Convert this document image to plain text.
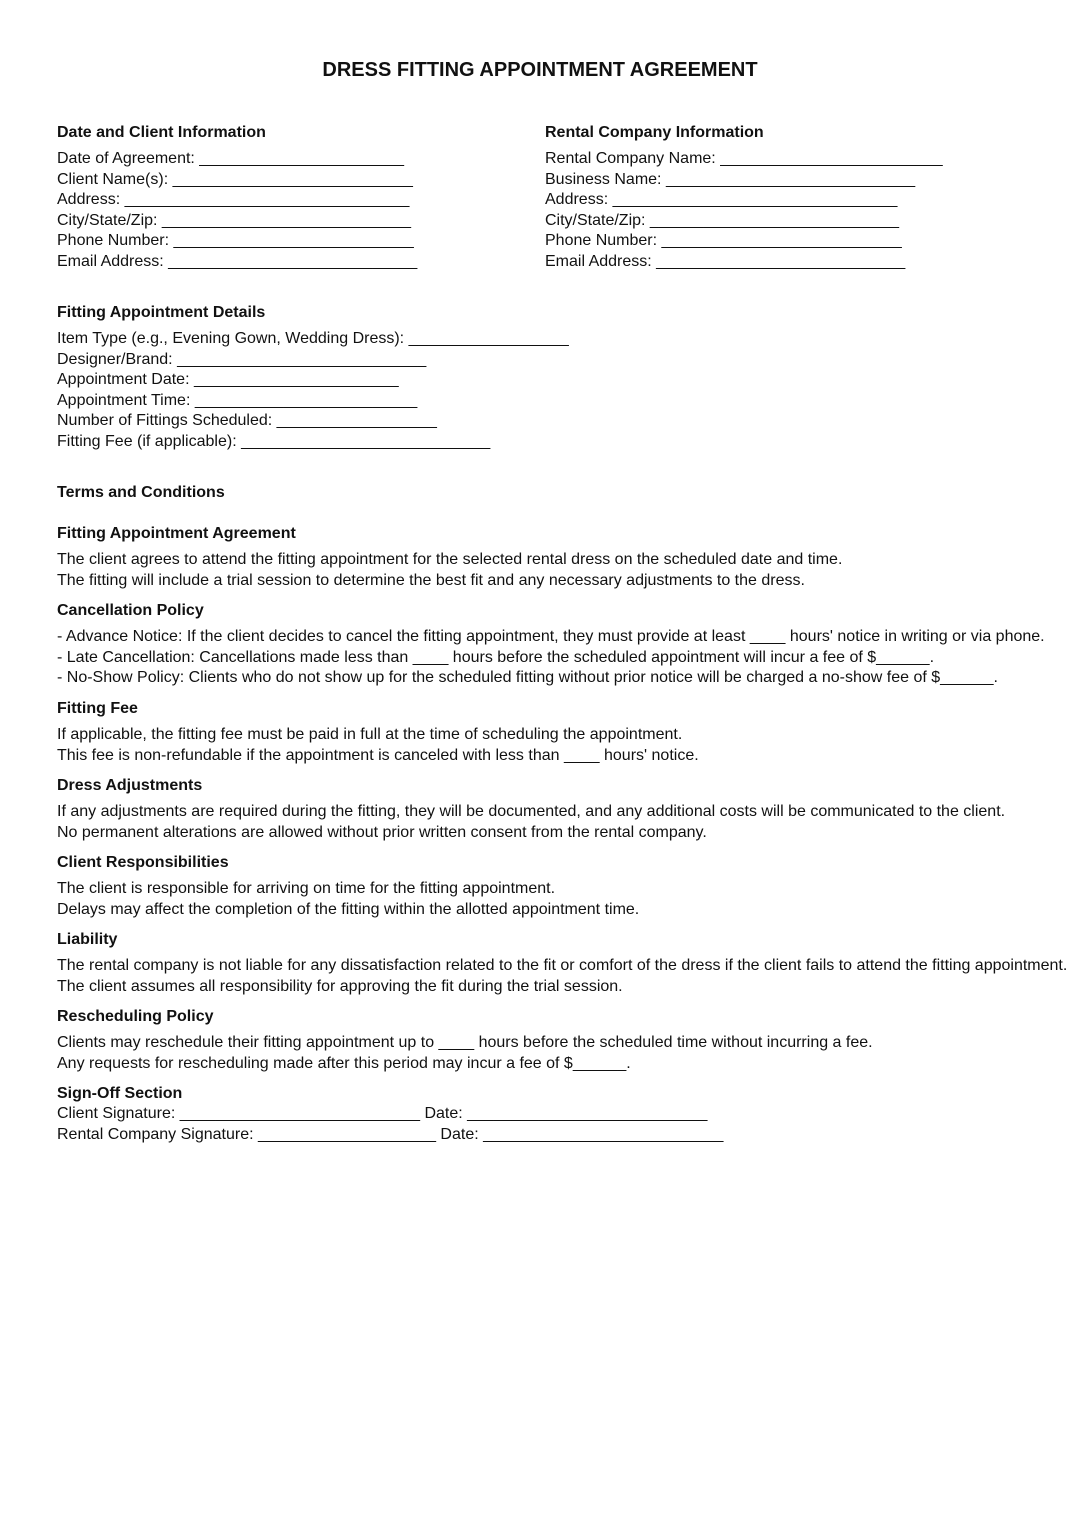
DRESS FITTING APPOINTMENT AGREEMENT
Date and Client Information
Date of Agreement: _______________________
Client Name(s): ___________________________
Address: ________________________________
City/State/Zip: ____________________________
Phone Number: ___________________________
Email Address: ____________________________
Rental Company Information
Rental Company Name: _________________________
Business Name: ____________________________
Address: ________________________________
City/State/Zip: ____________________________
Phone Number: ___________________________
Email Address: ____________________________
Fitting Appointment Details
Item Type (e.g., Evening Gown, Wedding Dress): __________________
Designer/Brand: ____________________________
Appointment Date: _______________________
Appointment Time: _________________________
Number of Fittings Scheduled: __________________
Fitting Fee (if applicable): ____________________________
Terms and Conditions
Fitting Appointment Agreement
The client agrees to attend the fitting appointment for the selected rental dress on the scheduled date and time.
The fitting will include a trial session to determine the best fit and any necessary adjustments to the dress.
Cancellation Policy
- Advance Notice: If the client decides to cancel the fitting appointment, they must provide at least ____ hours' notice in writing or via phone.
- Late Cancellation: Cancellations made less than ____ hours before the scheduled appointment will incur a fee of $______.
- No-Show Policy: Clients who do not show up for the scheduled fitting without prior notice will be charged a no-show fee of $______.
Fitting Fee
If applicable, the fitting fee must be paid in full at the time of scheduling the appointment.
This fee is non-refundable if the appointment is canceled with less than ____ hours' notice.
Dress Adjustments
If any adjustments are required during the fitting, they will be documented, and any additional costs will be communicated to the client.
No permanent alterations are allowed without prior written consent from the rental company.
Client Responsibilities
The client is responsible for arriving on time for the fitting appointment.
Delays may affect the completion of the fitting within the allotted appointment time.
Liability
The rental company is not liable for any dissatisfaction related to the fit or comfort of the dress if the client fails to attend the fitting appointment.
The client assumes all responsibility for approving the fit during the trial session.
Rescheduling Policy
Clients may reschedule their fitting appointment up to ____ hours before the scheduled time without incurring a fee.
Any requests for rescheduling made after this period may incur a fee of $______.
Sign-Off Section
Client Signature: ___________________________ Date: ___________________________
Rental Company Signature: ____________________ Date: ___________________________
